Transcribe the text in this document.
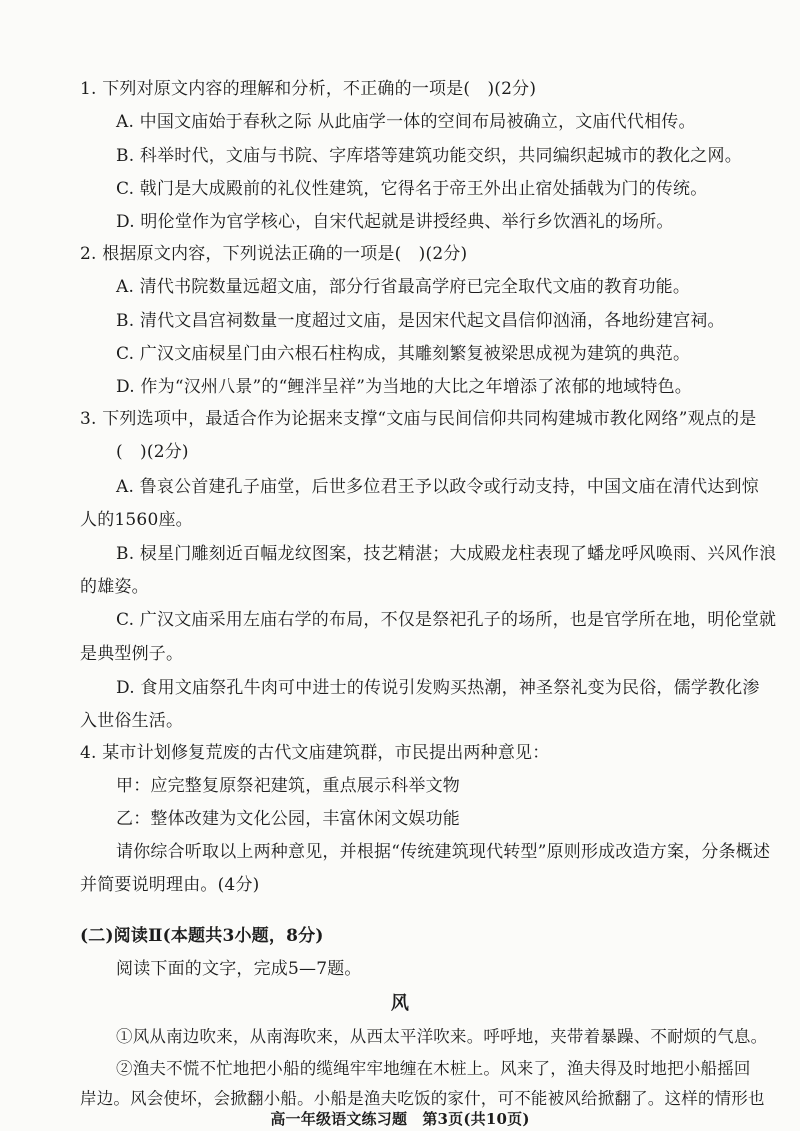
1. 下列对原文内容的理解和分析，不正确的一项是(　)(2分)
A. 中国文庙始于春秋之际 从此庙学一体的空间布局被确立，文庙代代相传。
B. 科举时代，文庙与书院、字库塔等建筑功能交织，共同编织起城市的教化之网。
C. 戟门是大成殿前的礼仪性建筑，它得名于帝王外出止宿处插戟为门的传统。
D. 明伦堂作为官学核心，自宋代起就是讲授经典、举行乡饮酒礼的场所。
2. 根据原文内容，下列说法正确的一项是(　)(2分)
A. 清代书院数量远超文庙，部分行省最高学府已完全取代文庙的教育功能。
B. 清代文昌宫祠数量一度超过文庙，是因宋代起文昌信仰汹涌，各地纷建宫祠。
C. 广汉文庙棂星门由六根石柱构成，其雕刻繁复被梁思成视为建筑的典范。
D. 作为“汉州八景”的“鲤泮呈祥”为当地的大比之年增添了浓郁的地域特色。
3. 下列选项中，最适合作为论据来支撑“文庙与民间信仰共同构建城市教化网络”观点的是
(　)(2分)
A. 鲁哀公首建孔子庙堂，后世多位君王予以政令或行动支持，中国文庙在清代达到惊
人的1560座。
B. 棂星门雕刻近百幅龙纹图案，技艺精湛；大成殿龙柱表现了蟠龙呼风唤雨、兴风作浪
的雄姿。
C. 广汉文庙采用左庙右学的布局，不仅是祭祀孔子的场所，也是官学所在地，明伦堂就
是典型例子。
D. 食用文庙祭孔牛肉可中进士的传说引发购买热潮，神圣祭礼变为民俗，儒学教化渗
入世俗生活。
4. 某市计划修复荒废的古代文庙建筑群，市民提出两种意见：
甲：应完整复原祭祀建筑，重点展示科举文物
乙：整体改建为文化公园，丰富休闲文娱功能
请你综合听取以上两种意见，并根据“传统建筑现代转型”原则形成改造方案，分条概述
并简要说明理由。(4分)
(二)阅读Ⅱ(本题共3小题，8分)
阅读下面的文字，完成5—7题。
风
①风从南边吹来，从南海吹来，从西太平洋吹来。呼呼地，夹带着暴躁、不耐烦的气息。
②渔夫不慌不忙地把小船的缆绳牢牢地缠在木桩上。风来了，渔夫得及时地把小船摇回
岸边。风会使坏，会掀翻小船。小船是渔夫吃饭的家什，可不能被风给掀翻了。这样的情形也
高一年级语文练习题　第3页(共10页)
